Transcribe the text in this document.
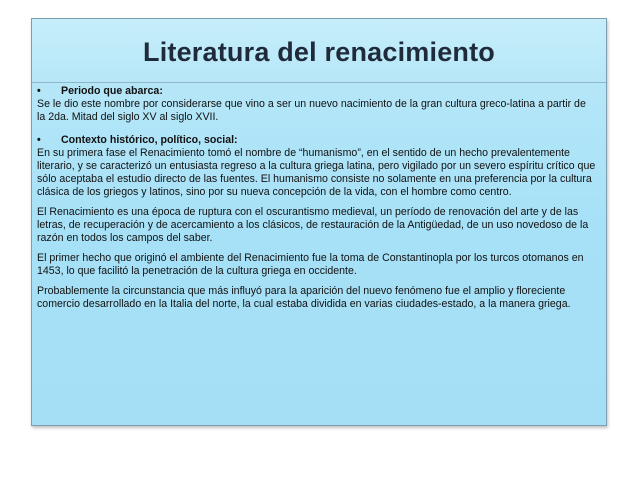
Literatura del renacimiento

• Periodo que abarca:

Se le dio este nombre por considerarse que vino a ser un nuevo nacimiento de la gran cultura greco-latina a partir de la 2da. Mitad del siglo XV al siglo XVII.

• Contexto histórico, político, social:

En su primera fase el Renacimiento tomó el nombre de “humanismo”, en el sentido de un hecho prevalentemente literario, y se caracterizó un entusiasta regreso a la cultura griega latina, pero vigilado por un severo espíritu crítico que sólo aceptaba el estudio directo de las fuentes. El humanismo consiste no solamente en una preferencia por la cultura clásica de los griegos y latinos, sino por su nueva concepción de la vida, con el hombre como centro.

El Renacimiento es una época de ruptura con el oscurantismo medieval, un período de renovación del arte y de las letras, de recuperación y de acercamiento a los clásicos, de restauración de la Antigüedad, de un uso novedoso de la razón en todos los campos del saber.

El primer hecho que originó el ambiente del Renacimiento fue la toma de Constantinopla por los turcos otomanos en 1453, lo que facilitó la penetración de la cultura griega en occidente.

Probablemente la circunstancia que más influyó para la aparición del nuevo fenómeno fue el amplio y floreciente comercio desarrollado en la Italia del norte, la cual estaba dividida en varias ciudades-estado, a la manera griega.
